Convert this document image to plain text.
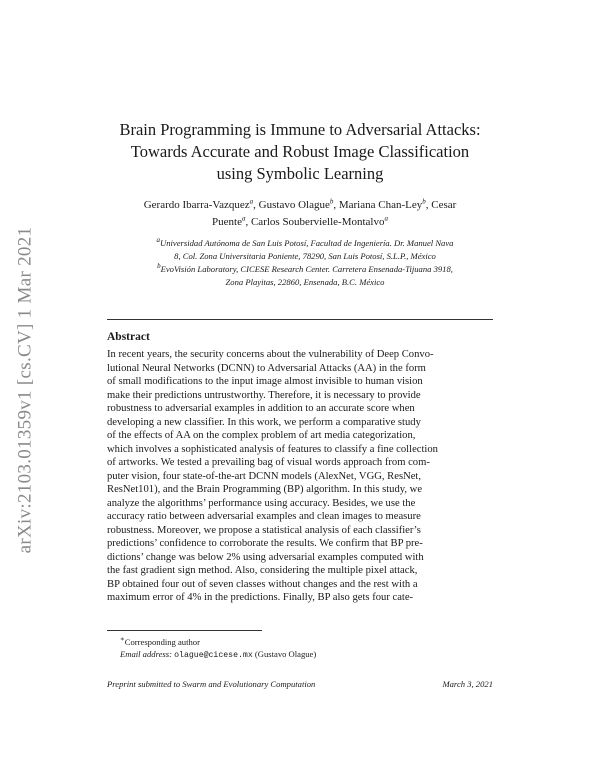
arXiv:2103.01359v1 [cs.CV] 1 Mar 2021
Brain Programming is Immune to Adversarial Attacks:
Towards Accurate and Robust Image Classification
using Symbolic Learning
Gerardo Ibarra-Vazquez$^a$, Gustavo Olague$^b$, Mariana Chan-Ley$^b$, Cesar
Puente$^a$, Carlos Soubervielle-Montalvo$^a$
$^a$Universidad Autónoma de San Luis Potosí, Facultad de Ingeniería. Dr. Manuel Nava
8, Col. Zona Universitaria Poniente, 78290, San Luis Potosí, S.L.P., México
$^b$EvoVisión Laboratory, CICESE Research Center. Carretera Ensenada-Tijuana 3918,
Zona Playitas, 22860, Ensenada, B.C. México
Abstract
In recent years, the security concerns about the vulnerability of Deep Convo-
lutional Neural Networks (DCNN) to Adversarial Attacks (AA) in the form
of small modifications to the input image almost invisible to human vision
make their predictions untrustworthy. Therefore, it is necessary to provide
robustness to adversarial examples in addition to an accurate score when
developing a new classifier. In this work, we perform a comparative study
of the effects of AA on the complex problem of art media categorization,
which involves a sophisticated analysis of features to classify a fine collection
of artworks. We tested a prevailing bag of visual words approach from com-
puter vision, four state-of-the-art DCNN models (AlexNet, VGG, ResNet,
ResNet101), and the Brain Programming (BP) algorithm. In this study, we
analyze the algorithms’ performance using accuracy. Besides, we use the
accuracy ratio between adversarial examples and clean images to measure
robustness. Moreover, we propose a statistical analysis of each classifier’s
predictions’ confidence to corroborate the results. We confirm that BP pre-
dictions’ change was below 2% using adversarial examples computed with
the fast gradient sign method. Also, considering the multiple pixel attack,
BP obtained four out of seven classes without changes and the rest with a
maximum error of 4% in the predictions. Finally, BP also gets four cate-
∗Corresponding author
Email address: olague@cicese.mx (Gustavo Olague)
Preprint submitted to Swarm and Evolutionary Computation	March 3, 2021
